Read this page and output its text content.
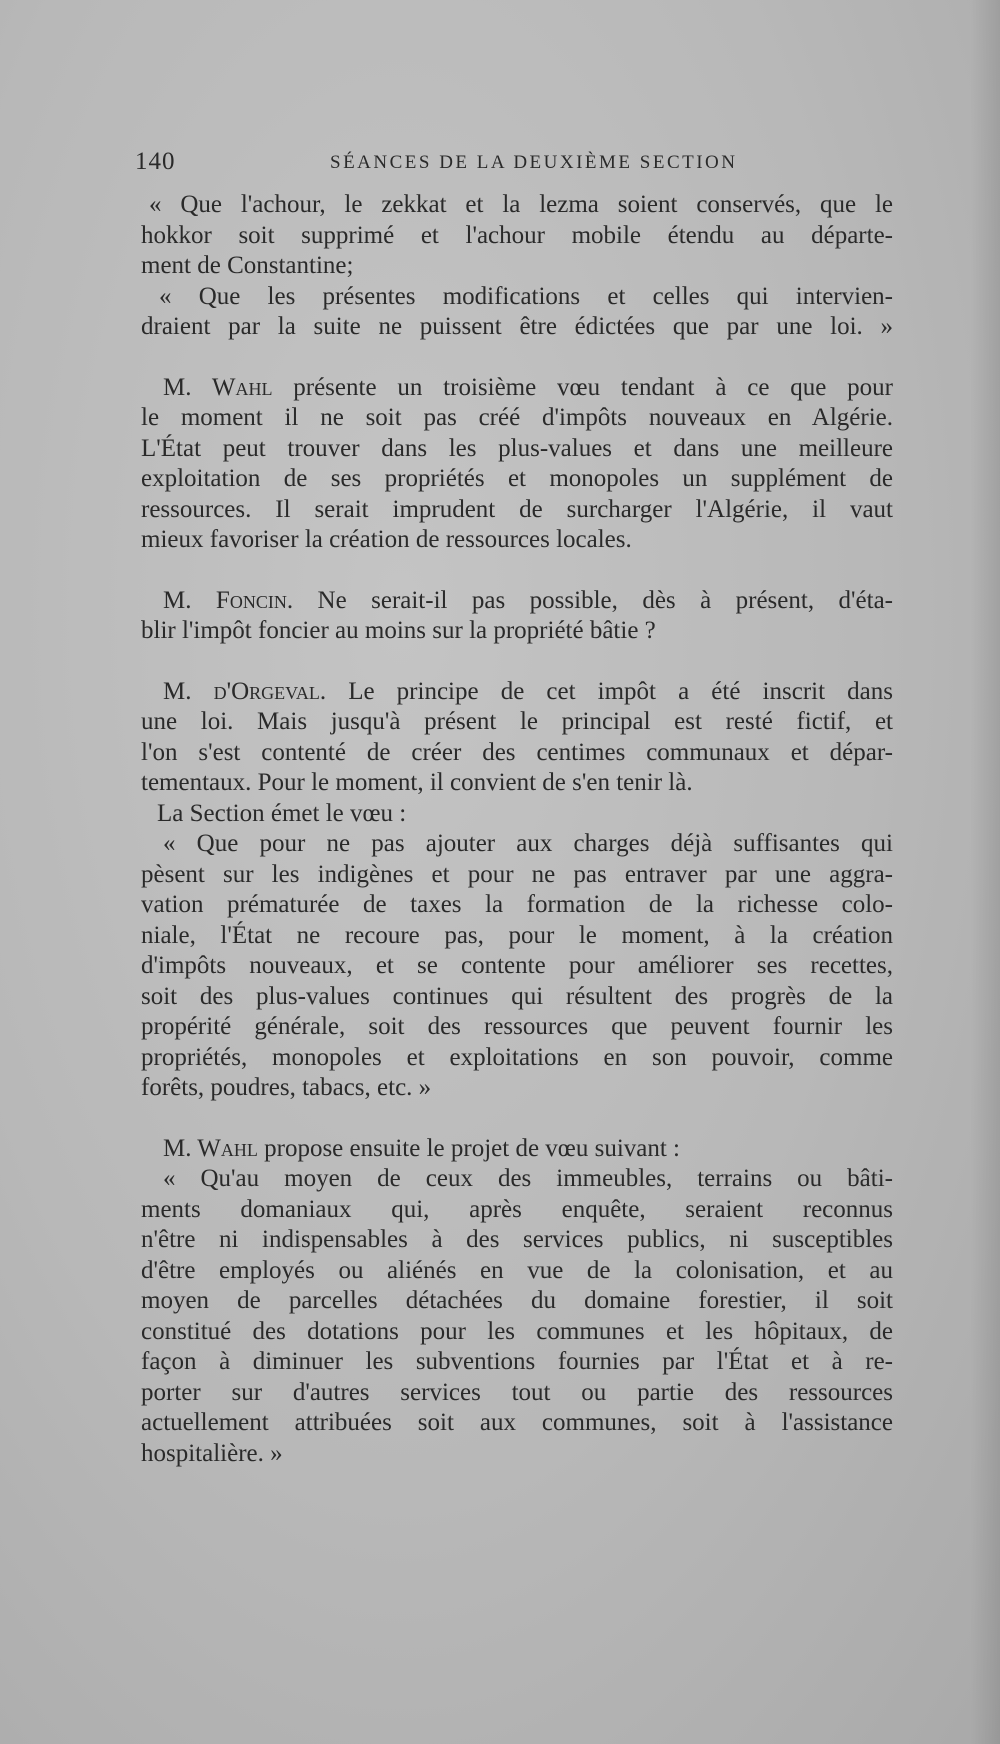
140	SÉANCES DE LA DEUXIÈME SECTION
« Que l'achour, le zekkat et la lezma soient conservés, que le
hokkor soit supprimé et l'achour mobile étendu au départe-
ment de Constantine;
« Que les présentes modifications et celles qui intervien-
draient par la suite ne puissent être édictées que par une loi. »
M. Wahl présente un troisième vœu tendant à ce que pour
le moment il ne soit pas créé d'impôts nouveaux en Algérie.
L'État peut trouver dans les plus-values et dans une meilleure
exploitation de ses propriétés et monopoles un supplément de
ressources. Il serait imprudent de surcharger l'Algérie, il vaut
mieux favoriser la création de ressources locales.
M. Foncin. Ne serait-il pas possible, dès à présent, d'éta-
blir l'impôt foncier au moins sur la propriété bâtie ?
M. d'Orgeval. Le principe de cet impôt a été inscrit dans
une loi. Mais jusqu'à présent le principal est resté fictif, et
l'on s'est contenté de créer des centimes communaux et dépar-
tementaux. Pour le moment, il convient de s'en tenir là.
La Section émet le vœu :
« Que pour ne pas ajouter aux charges déjà suffisantes qui
pèsent sur les indigènes et pour ne pas entraver par une aggra-
vation prématurée de taxes la formation de la richesse colo-
niale, l'État ne recoure pas, pour le moment, à la création
d'impôts nouveaux, et se contente pour améliorer ses recettes,
soit des plus-values continues qui résultent des progrès de la
propérité générale, soit des ressources que peuvent fournir les
propriétés, monopoles et exploitations en son pouvoir, comme
forêts, poudres, tabacs, etc. »
M. Wahl propose ensuite le projet de vœu suivant :
« Qu'au moyen de ceux des immeubles, terrains ou bâti-
ments domaniaux qui, après enquête, seraient reconnus
n'être ni indispensables à des services publics, ni susceptibles
d'être employés ou aliénés en vue de la colonisation, et au
moyen de parcelles détachées du domaine forestier, il soit
constitué des dotations pour les communes et les hôpitaux, de
façon à diminuer les subventions fournies par l'État et à re-
porter sur d'autres services tout ou partie des ressources
actuellement attribuées soit aux communes, soit à l'assistance
hospitalière. »
